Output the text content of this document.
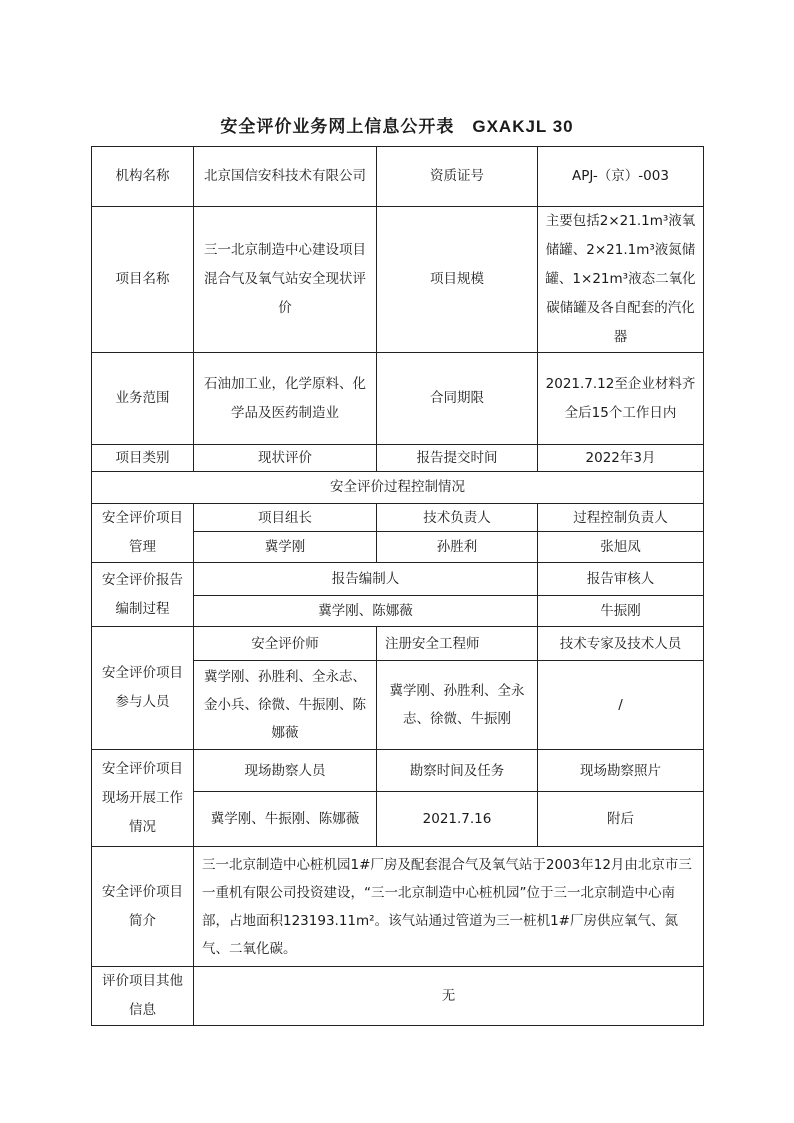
安全评价业务网上信息公开表 GXAKJL 30
机构名称	北京国信安科技术有限公司	资质证号	APJ-（京）-003
项目名称	三一北京制造中心建设项目混合气及氧气站安全现状评价	项目规模	主要包括2×21.1m³液氧储罐、2×21.1m³液氮储罐、1×21m³液态二氧化碳储罐及各自配套的汽化器
业务范围	石油加工业，化学原料、化学品及医药制造业	合同期限	2021.7.12至企业材料齐全后15个工作日内
项目类别	现状评价	报告提交时间	2022年3月
安全评价过程控制情况			
安全评价项目管理	项目组长	技术负责人	过程控制负责人
	冀学刚	孙胜利	张旭凤
安全评价报告编制过程	报告编制人		报告审核人
	冀学刚、陈娜薇		牛振刚
安全评价项目参与人员	安全评价师	注册安全工程师	技术专家及技术人员
	冀学刚、孙胜利、全永志、金小兵、徐微、牛振刚、陈娜薇	冀学刚、孙胜利、全永志、徐微、牛振刚	/
安全评价项目现场开展工作情况	现场勘察人员	勘察时间及任务	现场勘察照片
	冀学刚、牛振刚、陈娜薇	2021.7.16	附后
安全评价项目简介	三一北京制造中心桩机园1#厂房及配套混合气及氧气站于2003年12月由北京市三一重机有限公司投资建设，“三一北京制造中心桩机园”位于三一北京制造中心南部，占地面积123193.11m²。该气站通过管道为三一桩机1#厂房供应氧气、氮气、二氧化碳。		
评价项目其他信息	无		
